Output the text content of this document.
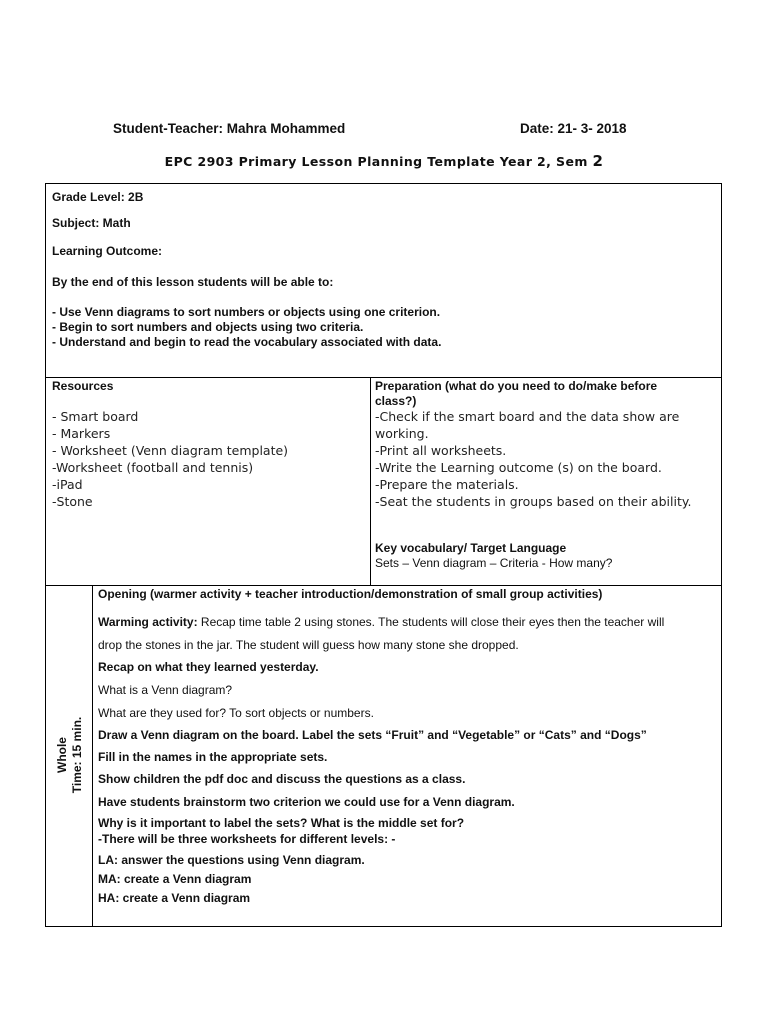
Student-Teacher: Mahra Mohammed	Date: 21- 3- 2018
EPC 2903 Primary Lesson Planning Template Year 2, Sem 2
Grade Level: 2B
Subject: Math
Learning Outcome:
By the end of this lesson students will be able to:
- Use Venn diagrams to sort numbers or objects using one criterion.
- Begin to sort numbers and objects using two criteria.
- Understand and begin to read the vocabulary associated with data.
Resources
- Smart board
- Markers
- Worksheet (Venn diagram template)
-Worksheet (football and tennis)
-iPad
-Stone
Preparation (what do you need to do/make before
class?)
-Check if the smart board and the data show are
working.
-Print all worksheets.
-Write the Learning outcome (s) on the board.
-Prepare the materials.
-Seat the students in groups based on their ability.
Key vocabulary/ Target Language
Sets – Venn diagram – Criteria - How many?
Whole Time: 15 min.
Opening (warmer activity + teacher introduction/demonstration of small group activities)
Warming activity: Recap time table 2 using stones. The students will close their eyes then the teacher will
drop the stones in the jar. The student will guess how many stone she dropped.
Recap on what they learned yesterday.
What is a Venn diagram?
What are they used for? To sort objects or numbers.
Draw a Venn diagram on the board. Label the sets “Fruit” and “Vegetable” or “Cats” and “Dogs”
Fill in the names in the appropriate sets.
Show children the pdf doc and discuss the questions as a class.
Have students brainstorm two criterion we could use for a Venn diagram.
Why is it important to label the sets? What is the middle set for?
-There will be three worksheets for different levels: -
LA: answer the questions using Venn diagram.
MA: create a Venn diagram
HA: create a Venn diagram
